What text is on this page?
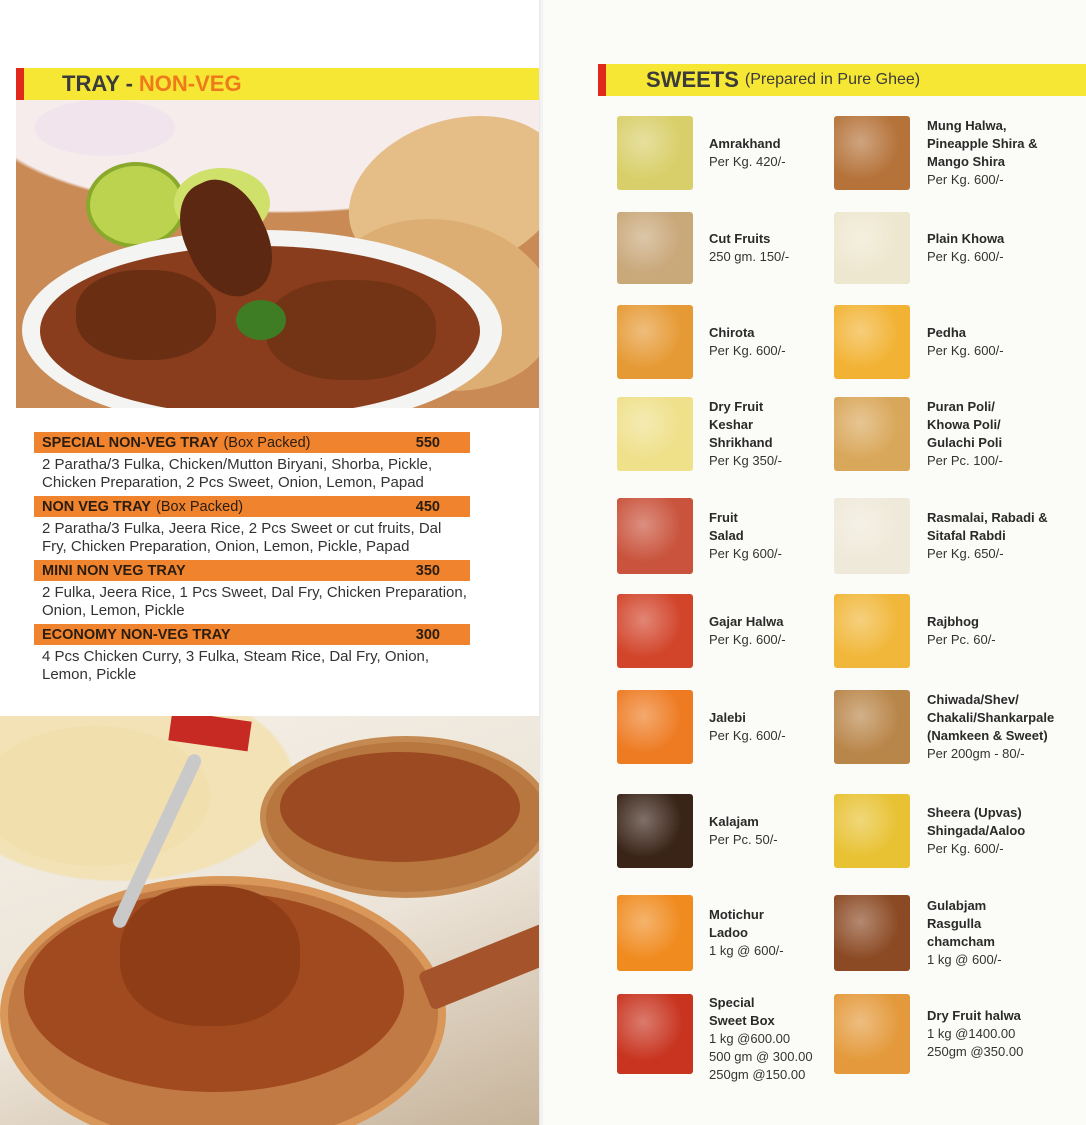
TRAY - NON-VEG
SPECIAL NON-VEG TRAY (Box Packed)	550
2 Paratha/3 Fulka, Chicken/Mutton Biryani, Shorba, Pickle, Chicken Preparation, 2 Pcs Sweet, Onion, Lemon, Papad
NON VEG TRAY (Box Packed)	450
2 Paratha/3 Fulka, Jeera Rice, 2 Pcs Sweet or cut fruits, Dal Fry, Chicken Preparation, Onion, Lemon, Pickle, Papad
MINI NON VEG TRAY	350
2 Fulka, Jeera Rice, 1 Pcs Sweet, Dal Fry, Chicken Preparation, Onion, Lemon, Pickle
ECONOMY NON-VEG TRAY	300
4 Pcs Chicken Curry, 3 Fulka, Steam Rice, Dal Fry, Onion, Lemon, Pickle
SWEETS (Prepared in Pure Ghee)
Amrakhand
Per Kg. 420/-
Cut Fruits
250 gm. 150/-
Chirota
Per Kg. 600/-
Dry Fruit
Keshar
Shrikhand
Per Kg 350/-
Fruit
Salad
Per Kg 600/-
Gajar Halwa
Per Kg. 600/-
Jalebi
Per Kg. 600/-
Kalajam
Per Pc. 50/-
Motichur
Ladoo
1 kg @ 600/-
Special
Sweet Box
1 kg @600.00
500 gm @ 300.00
250gm @150.00
Mung Halwa,
Pineapple Shira &
Mango Shira
Per Kg. 600/-
Plain Khowa
Per Kg. 600/-
Pedha
Per Kg. 600/-
Puran Poli/
Khowa Poli/
Gulachi Poli
Per Pc. 100/-
Rasmalai, Rabadi &
Sitafal Rabdi
Per Kg. 650/-
Rajbhog
Per Pc. 60/-
Chiwada/Shev/
Chakali/Shankarpale
(Namkeen & Sweet)
Per 200gm - 80/-
Sheera (Upvas)
Shingada/Aaloo
Per Kg. 600/-
Gulabjam
Rasgulla
chamcham
1 kg @ 600/-
Dry Fruit halwa
1 kg @1400.00
250gm @350.00
